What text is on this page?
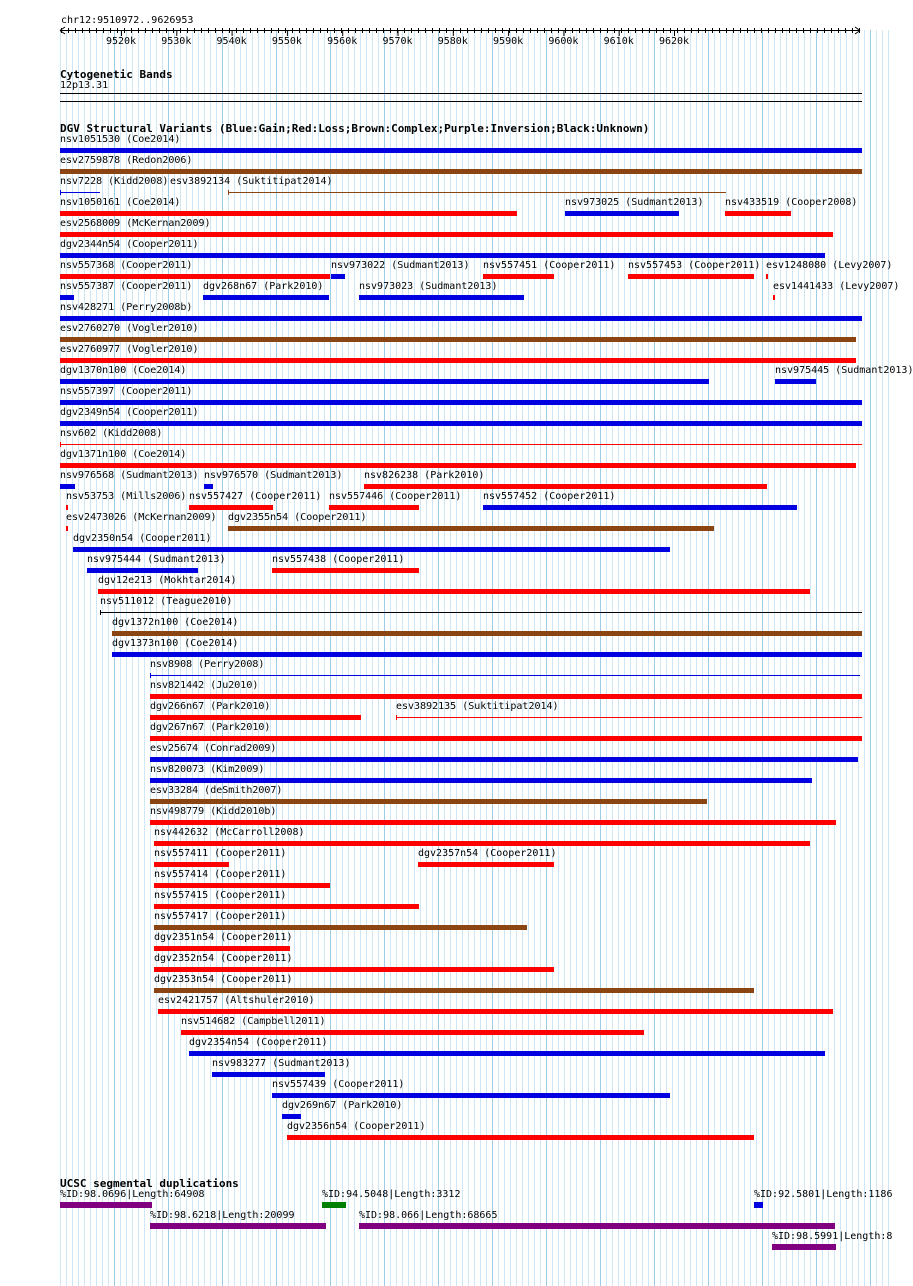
chr12:9510972..9626953
9520k	9530k	9540k	9550k	9560k	9570k	9580k	9590k	9600k	9610k	9620k
Cytogenetic Bands
12p13.31
DGV Structural Variants (Blue:Gain;Red:Loss;Brown:Complex;Purple:Inversion;Black:Unknown)
nsv1051530 (Coe2014)
esv2759878 (Redon2006)
nsv7228 (Kidd2008) esv3892134 (Suktitipat2014)
nsv1050161 (Coe2014)	nsv973025 (Sudmant2013) nsv433519 (Cooper2008)
esv2568009 (McKernan2009)
dgv2344n54 (Cooper2011)
nsv557368 (Cooper2011)	nsv973022 (Sudmant2013) nsv557451 (Cooper2011) nsv557453 (Cooper2011) esv1248080 (Levy2007)
nsv557387 (Cooper2011) dgv268n67 (Park2010)	nsv973023 (Sudmant2013)	esv1441433 (Levy2007)
nsv428271 (Perry2008b)
esv2760270 (Vogler2010)
esv2760977 (Vogler2010)
dgv1370n100 (Coe2014)	nsv975445 (Sudmant2013)
nsv557397 (Cooper2011)
dgv2349n54 (Cooper2011)
nsv602 (Kidd2008)
dgv1371n100 (Coe2014)
nsv976568 (Sudmant2013) nsv976570 (Sudmant2013) nsv826238 (Park2010)
nsv53753 (Mills2006) nsv557427 (Cooper2011) nsv557446 (Cooper2011) nsv557452 (Cooper2011)
esv2473026 (McKernan2009) dgv2355n54 (Cooper2011)
dgv2350n54 (Cooper2011)
nsv975444 (Sudmant2013)	nsv557438 (Cooper2011)
dgv12e213 (Mokhtar2014)
nsv511012 (Teague2010)
dgv1372n100 (Coe2014)
dgv1373n100 (Coe2014)
nsv8908 (Perry2008)
nsv821442 (Ju2010)
dgv266n67 (Park2010)	esv3892135 (Suktitipat2014)
dgv267n67 (Park2010)
esv25674 (Conrad2009)
nsv820073 (Kim2009)
esv33284 (deSmith2007)
nsv498779 (Kidd2010b)
nsv442632 (McCarroll2008)
nsv557411 (Cooper2011)	dgv2357n54 (Cooper2011)
nsv557414 (Cooper2011)
nsv557415 (Cooper2011)
nsv557417 (Cooper2011)
dgv2351n54 (Cooper2011)
dgv2352n54 (Cooper2011)
dgv2353n54 (Cooper2011)
esv2421757 (Altshuler2010)
nsv514682 (Campbell2011)
dgv2354n54 (Cooper2011)
nsv983277 (Sudmant2013)
nsv557439 (Cooper2011)
dgv269n67 (Park2010)
dgv2356n54 (Cooper2011)
UCSC segmental duplications
%ID:98.0696|Length:64908	%ID:94.5048|Length:3312	%ID:92.5801|Length:1186
%ID:98.6218|Length:20099	%ID:98.066|Length:68665
%ID:98.5991|Length:8
